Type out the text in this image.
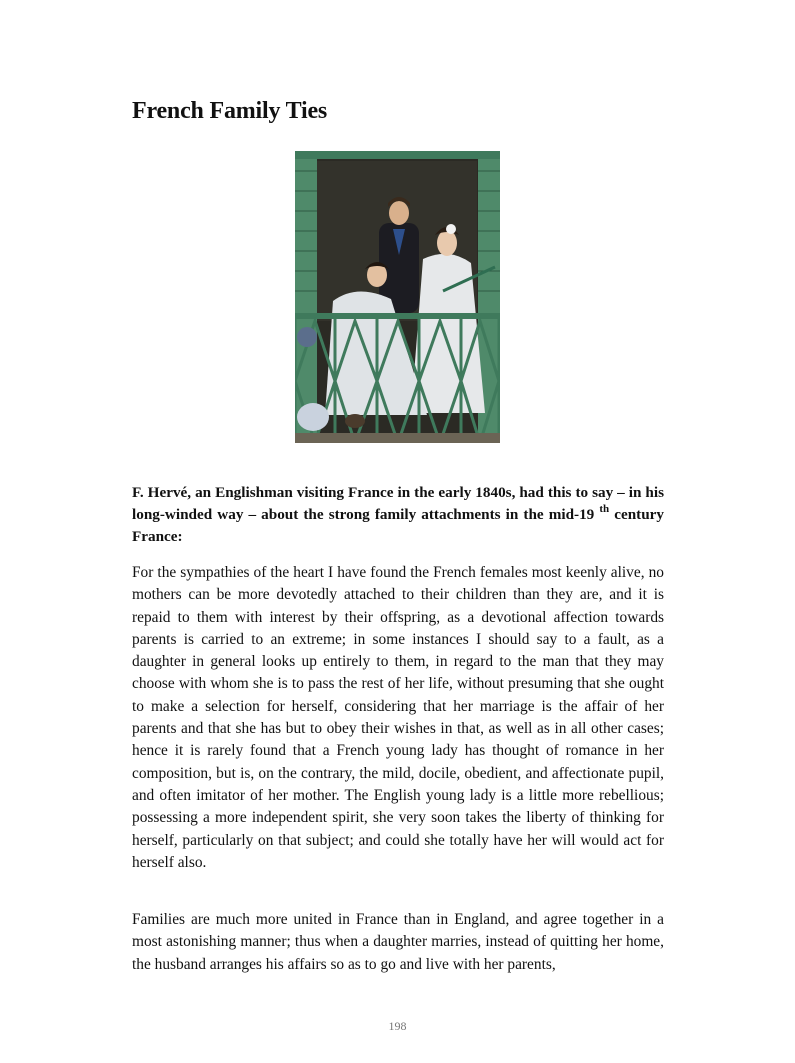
French Family Ties

F. Hervé, an Englishman visiting France in the early 1840s, had this to say – in his long-winded way – about the strong family attachments in the mid-19 $^{th}$ century France:

For the sympathies of the heart I have found the French females most keenly alive, no mothers can be more devotedly attached to their children than they are, and it is repaid to them with interest by their offspring, as a devotional affection towards parents is carried to an extreme; in some instances I should say to a fault, as a daughter in general looks up entirely to them, in regard to the man that they may choose with whom she is to pass the rest of her life, without presuming that she ought to make a selection for herself, considering that her marriage is the affair of her parents and that she has but to obey their wishes in that, as well as in all other cases; hence it is rarely found that a French young lady has thought of romance in her composition, but is, on the contrary, the mild, docile, obedient, and affectionate pupil, and often imitator of her mother. The English young lady is a little more rebellious; possessing a more independent spirit, she very soon takes the liberty of thinking for herself, particularly on that subject; and could she totally have her will would act for herself also.

Families are much more united in France than in England, and agree together in a most astonishing manner; thus when a daughter marries, instead of quitting her home, the husband arranges his affairs so as to go and live with her parents,

198
